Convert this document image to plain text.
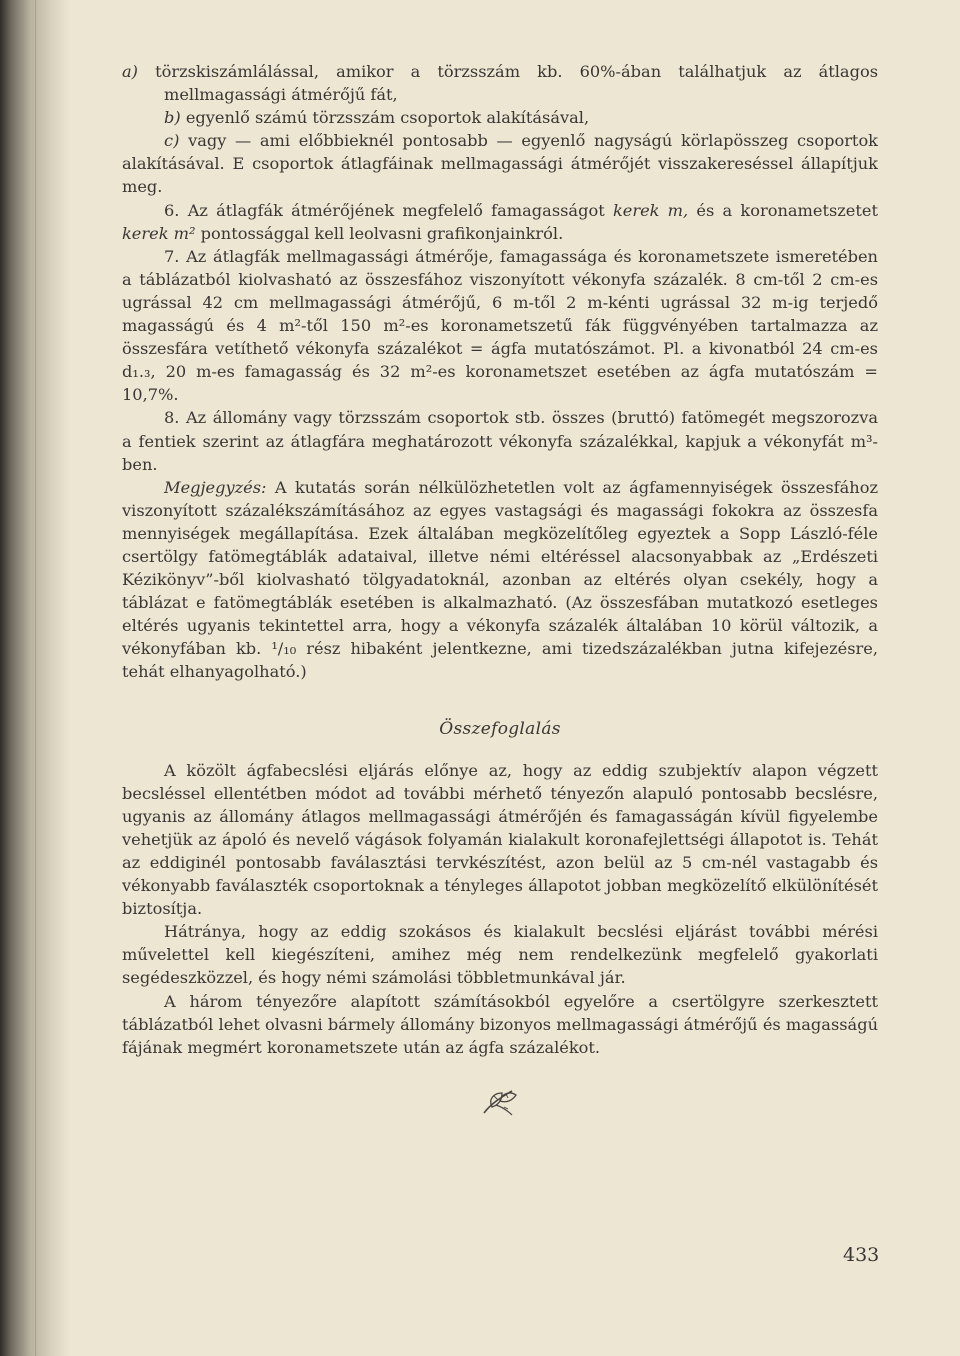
a) törzskiszámlálással, amikor a törzsszám kb. 60%-ában találhatjuk az átlagos mellmagassági átmérőjű fát,

b) egyenlő számú törzsszám csoportok alakításával,

c) vagy — ami előbbieknél pontosabb — egyenlő nagyságú körlapösszeg csoportok alakításával. E csoportok átlagfáinak mellmagassági átmérőjét visszakereséssel állapítjuk meg.

6. Az átlagfák átmérőjének megfelelő famagasságot kerek m, és a koronametszetet kerek m² pontossággal kell leolvasni grafikonjainkról.

7. Az átlagfák mellmagassági átmérője, famagassága és koronametszete ismeretében a táblázatból kiolvasható az összesfához viszonyított vékonyfa százalék. 8 cm-től 2 cm-es ugrással 42 cm mellmagassági átmérőjű, 6 m-től 2 m-kénti ugrással 32 m-ig terjedő magasságú és 4 m²-től 150 m²-es koronametszetű fák függvényében tartalmazza az összesfára vetíthető vékonyfa százalékot = ágfa mutatószámot. Pl. a kivonatból 24 cm-es d₁.₃, 20 m-es famagasság és 32 m²-es koronametszet esetében az ágfa mutatószám = 10,7%.

8. Az állomány vagy törzsszám csoportok stb. összes (bruttó) fatömegét megszorozva a fentiek szerint az átlagfára meghatározott vékonyfa százalékkal, kapjuk a vékonyfát m³-ben.

Megjegyzés: A kutatás során nélkülözhetetlen volt az ágfamennyiségek összesfához viszonyított százalékszámításához az egyes vastagsági és magassági fokokra az összesfa mennyiségek megállapítása. Ezek általában megközelítőleg egyeztek a Sopp László-féle csertölgy fatömegtáblák adataival, illetve némi eltéréssel alacsonyabbak az „Erdészeti Kézikönyv”-ből kiolvasható tölgyadatoknál, azonban az eltérés olyan csekély, hogy a táblázat e fatömegtáblák esetében is alkalmazható. (Az összesfában mutatkozó esetleges eltérés ugyanis tekintettel arra, hogy a vékonyfa százalék általában 10 körül változik, a vékonyfában kb. ¹/₁₀ rész hibaként jelentkezne, ami tizedszázalékban jutna kifejezésre, tehát elhanyagolható.)

Összefoglalás

A közölt ágfabecslési eljárás előnye az, hogy az eddig szubjektív alapon végzett becsléssel ellentétben módot ad további mérhető tényezőn alapuló pontosabb becslésre, ugyanis az állomány átlagos mellmagassági átmérőjén és famagasságán kívül figyelembe vehetjük az ápoló és nevelő vágások folyamán kialakult koronafejlettségi állapotot is. Tehát az eddiginél pontosabb faválasztási tervkészítést, azon belül az 5 cm-nél vastagabb és vékonyabb faválaszték csoportoknak a tényleges állapotot jobban megközelítő elkülönítését biztosítja.

Hátránya, hogy az eddig szokásos és kialakult becslési eljárást további mérési művelettel kell kiegészíteni, amihez még nem rendelkezünk megfelelő gyakorlati segédeszközzel, és hogy némi számolási többletmunkával jár.

A három tényezőre alapított számításokból egyelőre a csertölgyre szerkesztett táblázatból lehet olvasni bármely állomány bizonyos mellmagassági átmérőjű és magasságú fájának megmért koronametszete után az ágfa százalékot.

433
